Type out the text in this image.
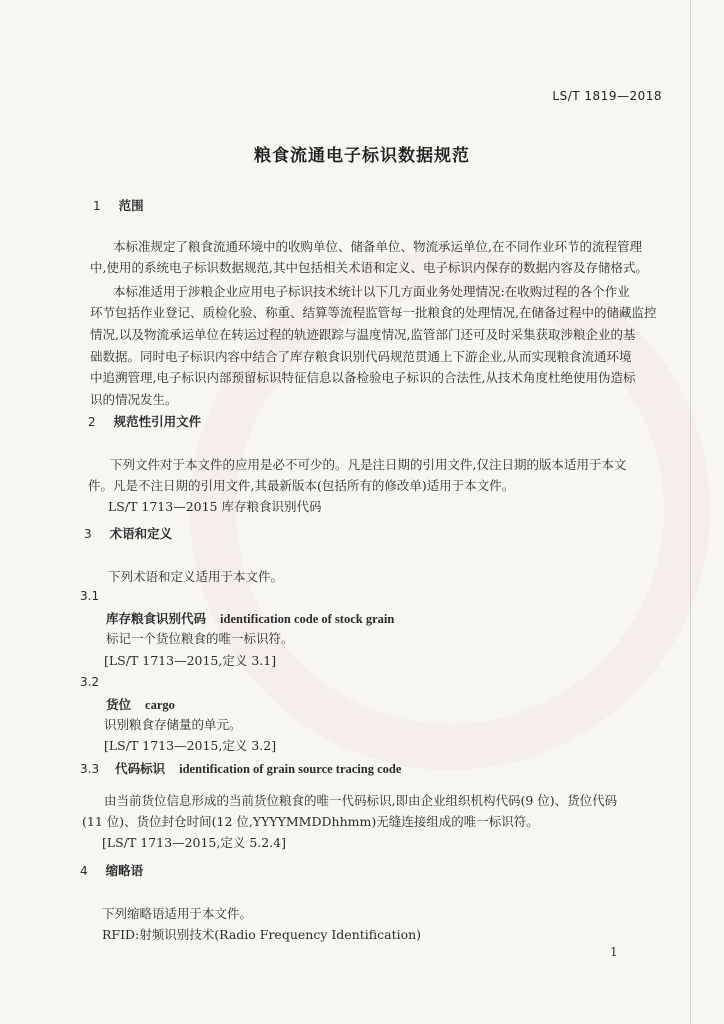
LS/T 1819—2018
粮食流通电子标识数据规范
1 范围
本标准规定了粮食流通环境中的收购单位、储备单位、物流承运单位,在不同作业环节的流程管理
中,使用的系统电子标识数据规范,其中包括相关术语和定义、电子标识内保存的数据内容及存储格式。
本标准适用于涉粮企业应用电子标识技术统计以下几方面业务处理情况:在收购过程的各个作业
环节包括作业登记、质检化验、称重、结算等流程监管每一批粮食的处理情况,在储备过程中的储藏监控
情况,以及物流承运单位在转运过程的轨迹跟踪与温度情况,监管部门还可及时采集获取涉粮企业的基
础数据。同时电子标识内容中结合了库存粮食识别代码规范贯通上下游企业,从而实现粮食流通环境
中追溯管理,电子标识内部预留标识特征信息以备检验电子标识的合法性,从技术角度杜绝使用伪造标
识的情况发生。
2 规范性引用文件
下列文件对于本文件的应用是必不可少的。凡是注日期的引用文件,仅注日期的版本适用于本文
件。凡是不注日期的引用文件,其最新版本(包括所有的修改单)适用于本文件。
LS/T 1713—2015 库存粮食识别代码
3 术语和定义
下列术语和定义适用于本文件。
3.1
库存粮食识别代码 identification code of stock grain
标记一个货位粮食的唯一标识符。
[LS/T 1713—2015,定义 3.1]
3.2
货位 cargo
识别粮食存储量的单元。
[LS/T 1713—2015,定义 3.2]
3.3 代码标识 identification of grain source tracing code
由当前货位信息形成的当前货位粮食的唯一代码标识,即由企业组织机构代码(9 位)、货位代码
(11 位)、货位封仓时间(12 位,YYYYMMDDhhmm)无缝连接组成的唯一标识符。
[LS/T 1713—2015,定义 5.2.4]
4 缩略语
下列缩略语适用于本文件。
RFID:射频识别技术(Radio Frequency Identification)
1
